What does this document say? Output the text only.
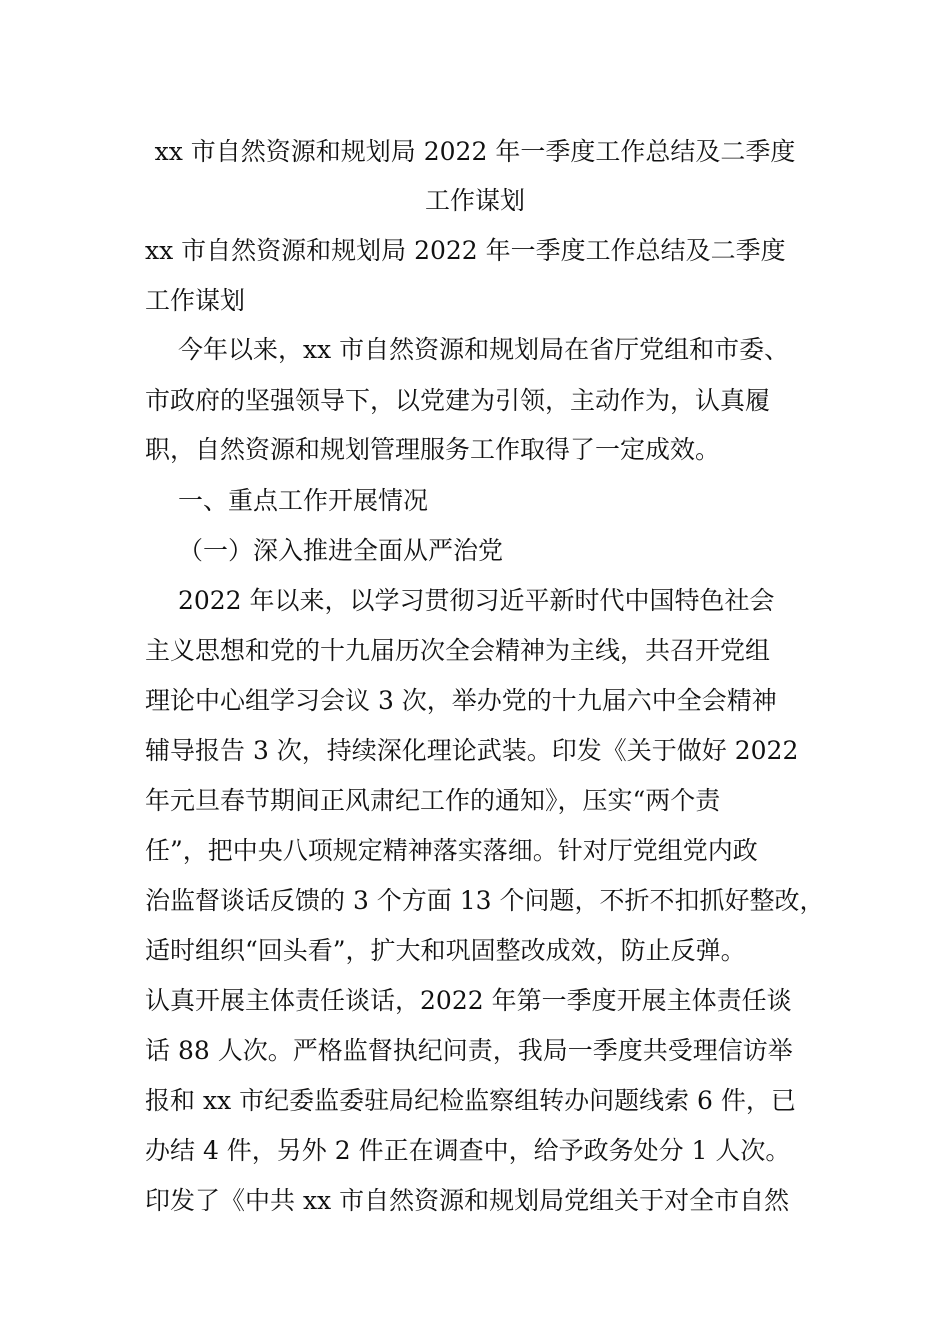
xx 市自然资源和规划局 2022 年一季度工作总结及二季度
工作谋划

xx 市自然资源和规划局 2022 年一季度工作总结及二季度

工作谋划

　 今年以来，xx 市自然资源和规划局在省厅党组和市委、

市政府的坚强领导下，以党建为引领，主动作为，认真履

职，自然资源和规划管理服务工作取得了一定成效。

　 一、重点工作开展情况

　 （一）深入推进全面从严治党

　 2022 年以来，以学习贯彻习近平新时代中国特色社会

主义思想和党的十九届历次全会精神为主线，共召开党组

理论中心组学习会议 3 次，举办党的十九届六中全会精神

辅导报告 3 次，持续深化理论武装。印发《关于做好 2022

年元旦春节期间正风肃纪工作的通知》，压实“两个责

任”，把中央八项规定精神落实落细。针对厅党组党内政

治监督谈话反馈的 3 个方面 13 个问题，不折不扣抓好整改，

适时组织“回头看”，扩大和巩固整改成效，防止反弹。

认真开展主体责任谈话，2022 年第一季度开展主体责任谈

话 88 人次。严格监督执纪问责，我局一季度共受理信访举

报和 xx 市纪委监委驻局纪检监察组转办问题线索 6 件，已

办结 4 件，另外 2 件正在调查中，给予政务处分 1 人次。

印发了《中共 xx 市自然资源和规划局党组关于对全市自然
